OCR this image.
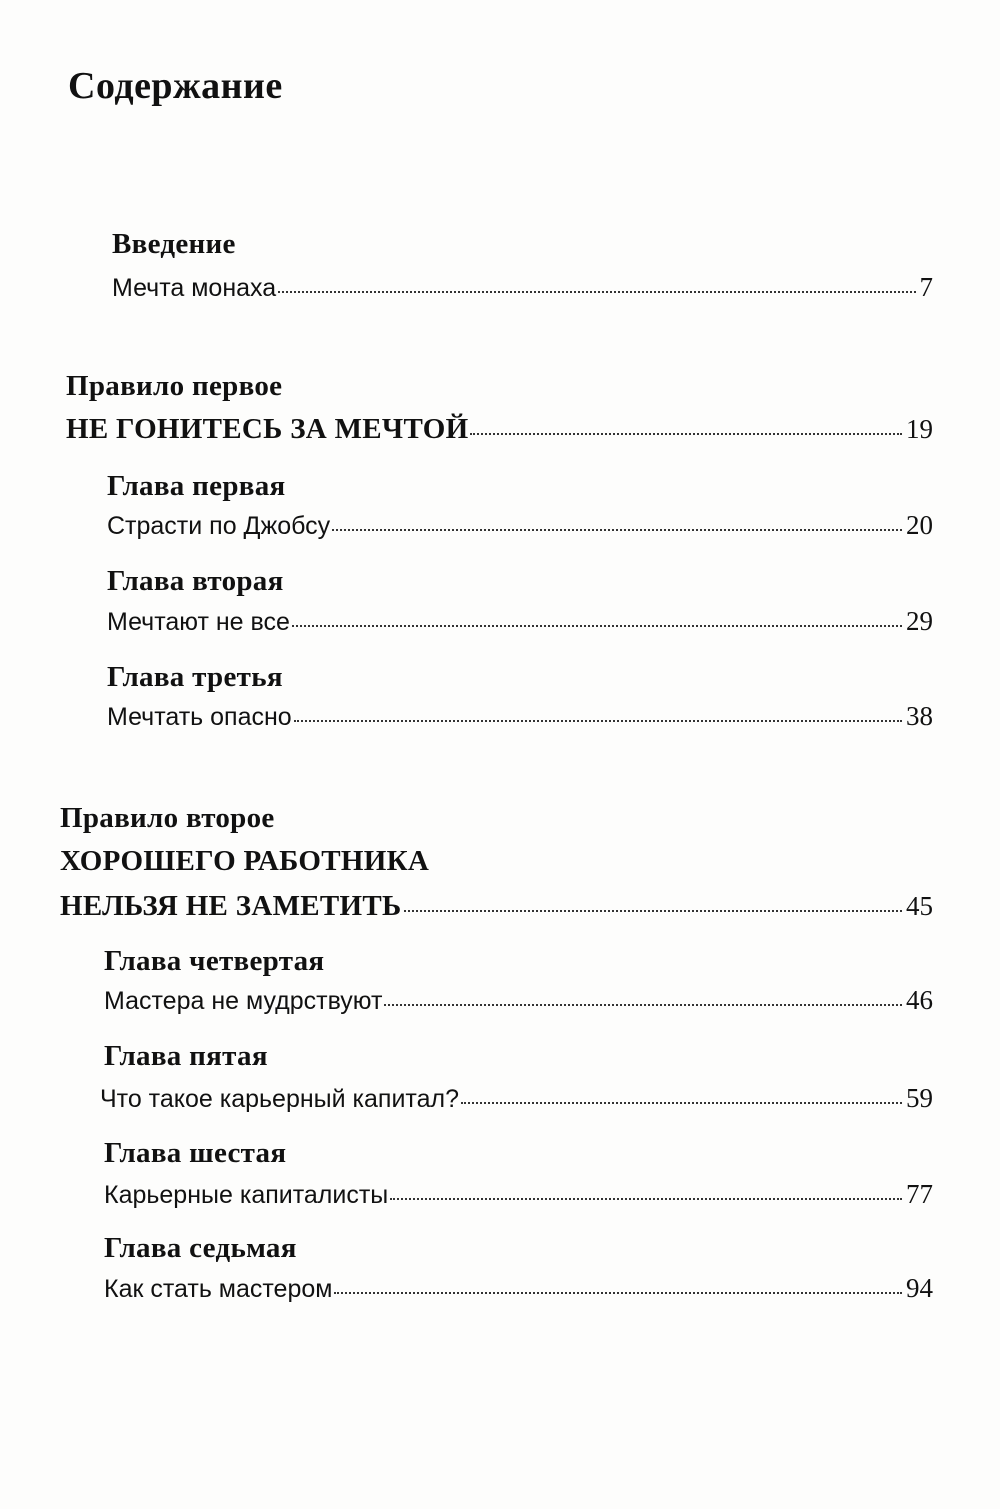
Содержание
Введение
Мечта монаха	7
Правило первое
НЕ ГОНИТЕСЬ ЗА МЕЧТОЙ	19
Глава первая
Страсти по Джобсу	20
Глава вторая
Мечтают не все	29
Глава третья
Мечтать опасно	38
Правило второе
ХОРОШЕГО РАБОТНИКА
НЕЛЬЗЯ НЕ ЗАМЕТИТЬ	45
Глава четвертая
Мастера не мудрствуют	46
Глава пятая
Что такое карьерный капитал?	59
Глава шестая
Карьерные капиталисты	77
Глава седьмая
Как стать мастером	94
